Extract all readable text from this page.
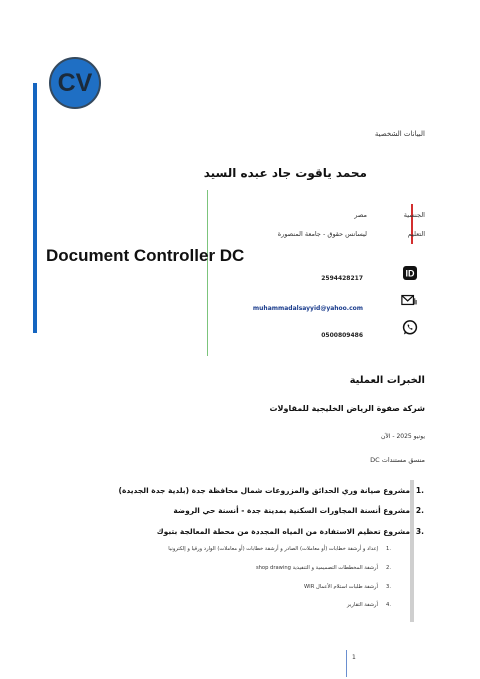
CV
البيانات الشخصية
محمد ياقوت جاد عبده السيد
الجنسية
مصر
التعليم
ليسانس حقوق - جامعة المنصورة
Document Controller DC
2594428217	ID
muhammadalsayyid@yahoo.com
0500809486
الخبرات العملية
شركة صفوة الرياض الخليجية للمقاولات
يونيو 2025 - الآن
منسق مستندات DC
.1
مشروع صيانة وري الحدائق والمزروعات شمال محافظة جدة (بلدية جدة الجديدة)
.2
مشروع أنسنة المجاورات السكنية بمدينة جدة - أنسنة حي الروضة
.3
مشروع تعظيم الاستفادة من المياه المجددة من محطة المعالجة بتبوك
.1
إعداد و أرشفة خطابات (أو معاملات) الصادر و أرشفة خطابات (أو معاملات) الوارد ورقيا و إلكترونيا
.2
أرشفة المخططات التصميمية و التنفيذية shop drawing
.3
أرشفة طلبات استلام الأعمال WIR
.4
أرشفة التقارير
1
